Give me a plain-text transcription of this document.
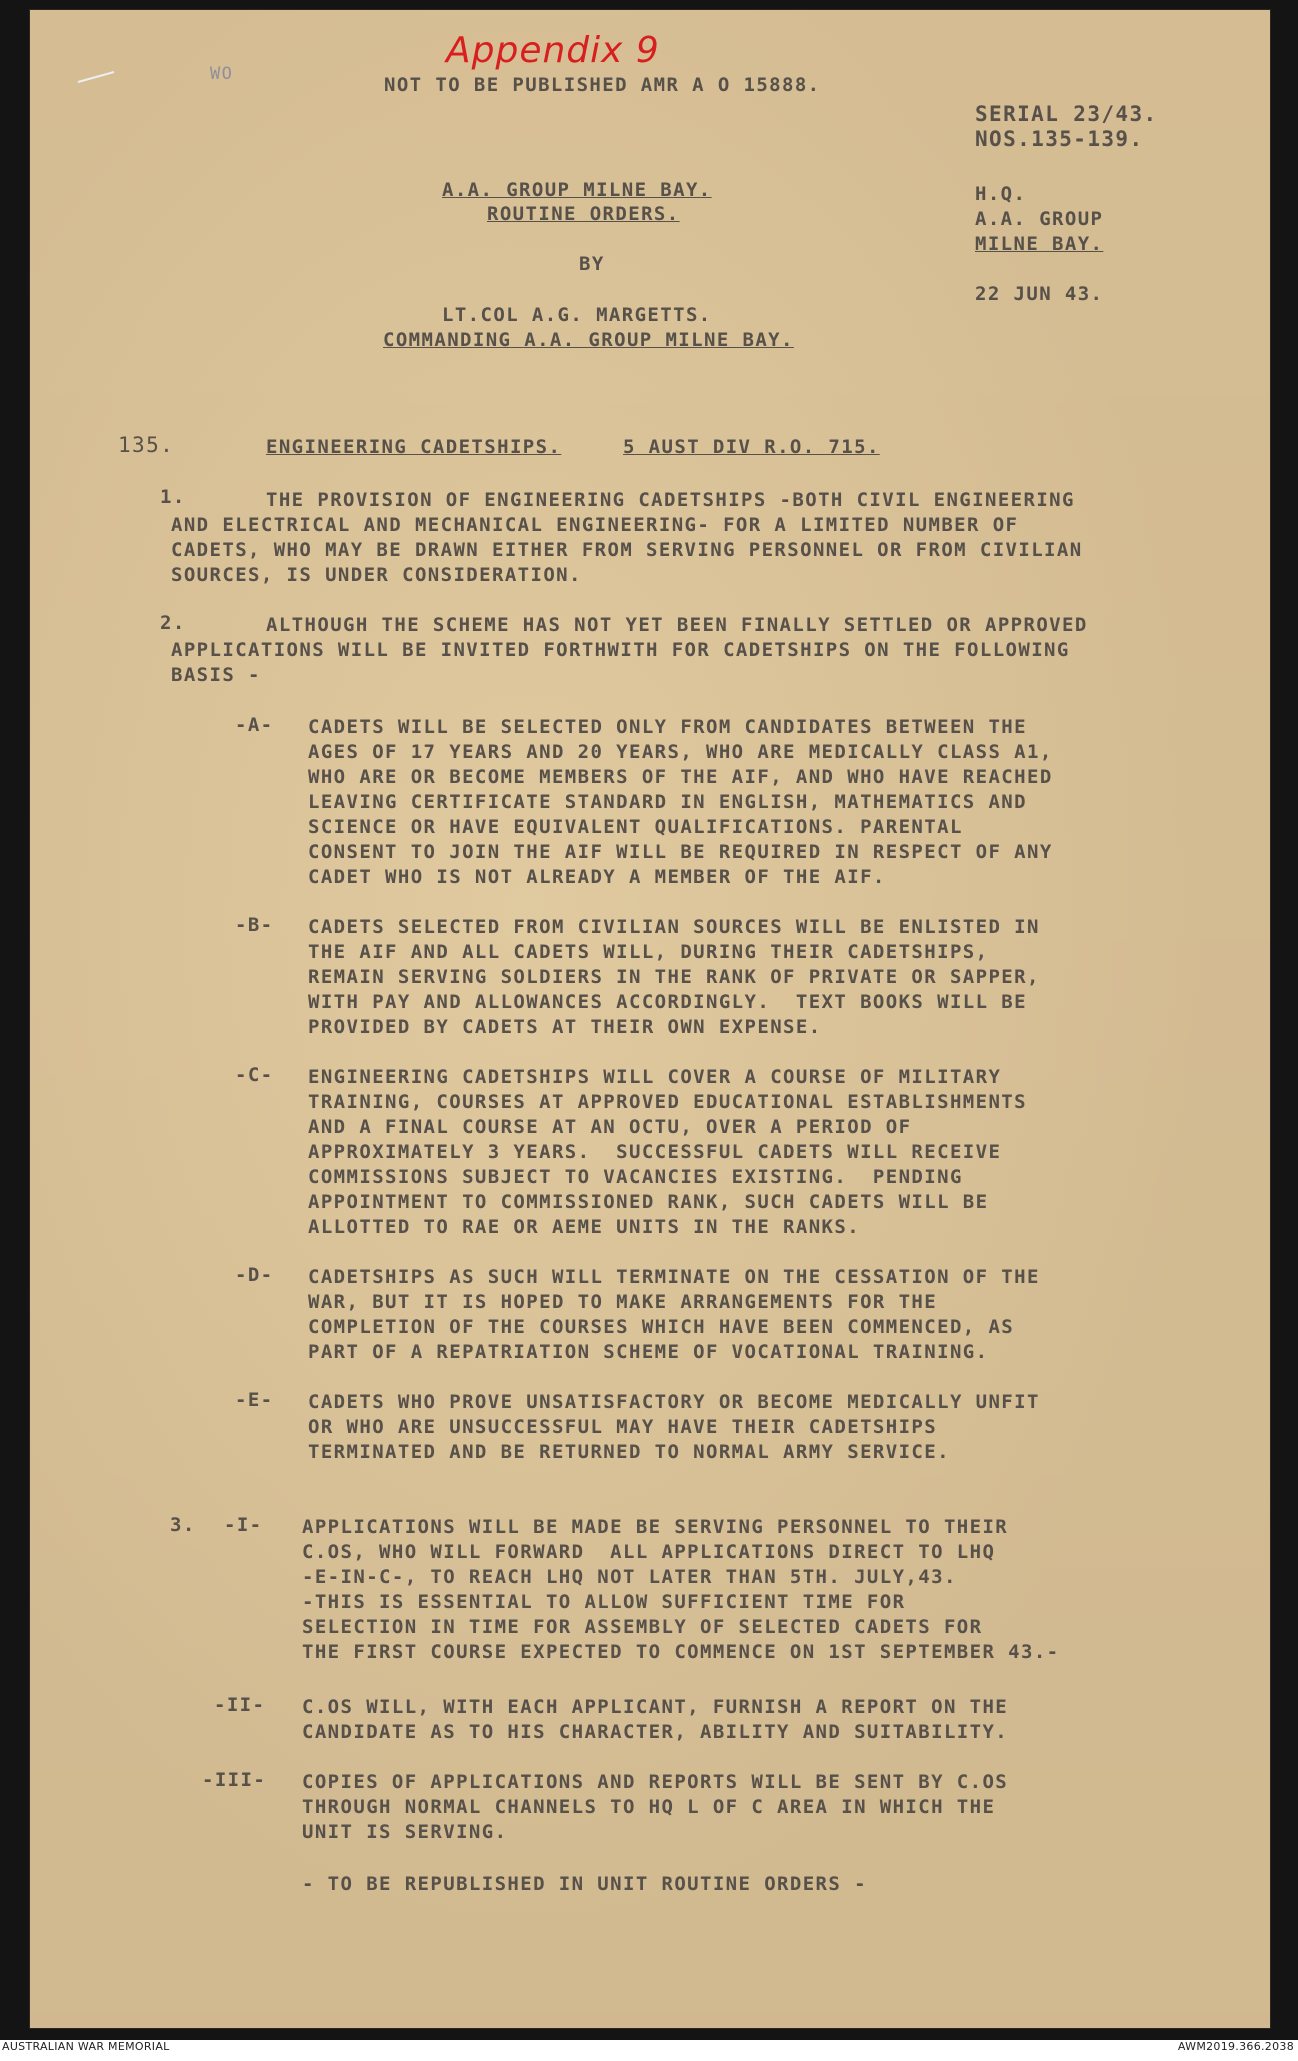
Appendix 9
WO	NOT TO BE PUBLISHED AMR A O 15888.
SERIAL 23/43.
NOS.135-139.
A.A. GROUP MILNE BAY.
ROUTINE ORDERS.
BY
LT.COL A.G. MARGETTS.
COMMANDING A.A. GROUP MILNE BAY.
H.Q.
A.A. GROUP
MILNE BAY.
22 JUN 43.
135.	ENGINEERING CADETSHIPS.	5 AUST DIV R.O. 715.
1.	THE PROVISION OF ENGINEERING CADETSHIPS -BOTH CIVIL ENGINEERING
AND ELECTRICAL AND MECHANICAL ENGINEERING- FOR A LIMITED NUMBER OF
CADETS, WHO MAY BE DRAWN EITHER FROM SERVING PERSONNEL OR FROM CIVILIAN
SOURCES, IS UNDER CONSIDERATION.
2.	ALTHOUGH THE SCHEME HAS NOT YET BEEN FINALLY SETTLED OR APPROVED
APPLICATIONS WILL BE INVITED FORTHWITH FOR CADETSHIPS ON THE FOLLOWING
BASIS -
-A- CADETS WILL BE SELECTED ONLY FROM CANDIDATES BETWEEN THE
AGES OF 17 YEARS AND 20 YEARS, WHO ARE MEDICALLY CLASS A1,
WHO ARE OR BECOME MEMBERS OF THE AIF, AND WHO HAVE REACHED
LEAVING CERTIFICATE STANDARD IN ENGLISH, MATHEMATICS AND
SCIENCE OR HAVE EQUIVALENT QUALIFICATIONS. PARENTAL
CONSENT TO JOIN THE AIF WILL BE REQUIRED IN RESPECT OF ANY
CADET WHO IS NOT ALREADY A MEMBER OF THE AIF.
-B- CADETS SELECTED FROM CIVILIAN SOURCES WILL BE ENLISTED IN
THE AIF AND ALL CADETS WILL, DURING THEIR CADETSHIPS,
REMAIN SERVING SOLDIERS IN THE RANK OF PRIVATE OR SAPPER,
WITH PAY AND ALLOWANCES ACCORDINGLY.  TEXT BOOKS WILL BE
PROVIDED BY CADETS AT THEIR OWN EXPENSE.
-C- ENGINEERING CADETSHIPS WILL COVER A COURSE OF MILITARY
TRAINING, COURSES AT APPROVED EDUCATIONAL ESTABLISHMENTS
AND A FINAL COURSE AT AN OCTU, OVER A PERIOD OF
APPROXIMATELY 3 YEARS.  SUCCESSFUL CADETS WILL RECEIVE
COMMISSIONS SUBJECT TO VACANCIES EXISTING.  PENDING
APPOINTMENT TO COMMISSIONED RANK, SUCH CADETS WILL BE
ALLOTTED TO RAE OR AEME UNITS IN THE RANKS.
-D- CADETSHIPS AS SUCH WILL TERMINATE ON THE CESSATION OF THE
WAR, BUT IT IS HOPED TO MAKE ARRANGEMENTS FOR THE
COMPLETION OF THE COURSES WHICH HAVE BEEN COMMENCED, AS
PART OF A REPATRIATION SCHEME OF VOCATIONAL TRAINING.
-E- CADETS WHO PROVE UNSATISFACTORY OR BECOME MEDICALLY UNFIT
OR WHO ARE UNSUCCESSFUL MAY HAVE THEIR CADETSHIPS
TERMINATED AND BE RETURNED TO NORMAL ARMY SERVICE.
3. -I- APPLICATIONS WILL BE MADE BE SERVING PERSONNEL TO THEIR
C.OS, WHO WILL FORWARD  ALL APPLICATIONS DIRECT TO LHQ
-E-IN-C-, TO REACH LHQ NOT LATER THAN 5TH. JULY,43.
-THIS IS ESSENTIAL TO ALLOW SUFFICIENT TIME FOR
SELECTION IN TIME FOR ASSEMBLY OF SELECTED CADETS FOR
THE FIRST COURSE EXPECTED TO COMMENCE ON 1ST SEPTEMBER 43.-
-II- C.OS WILL, WITH EACH APPLICANT, FURNISH A REPORT ON THE
CANDIDATE AS TO HIS CHARACTER, ABILITY AND SUITABILITY.
-III- COPIES OF APPLICATIONS AND REPORTS WILL BE SENT BY C.OS
THROUGH NORMAL CHANNELS TO HQ L OF C AREA IN WHICH THE
UNIT IS SERVING.
- TO BE REPUBLISHED IN UNIT ROUTINE ORDERS -
AUSTRALIAN WAR MEMORIAL	AWM2019.366.2038
